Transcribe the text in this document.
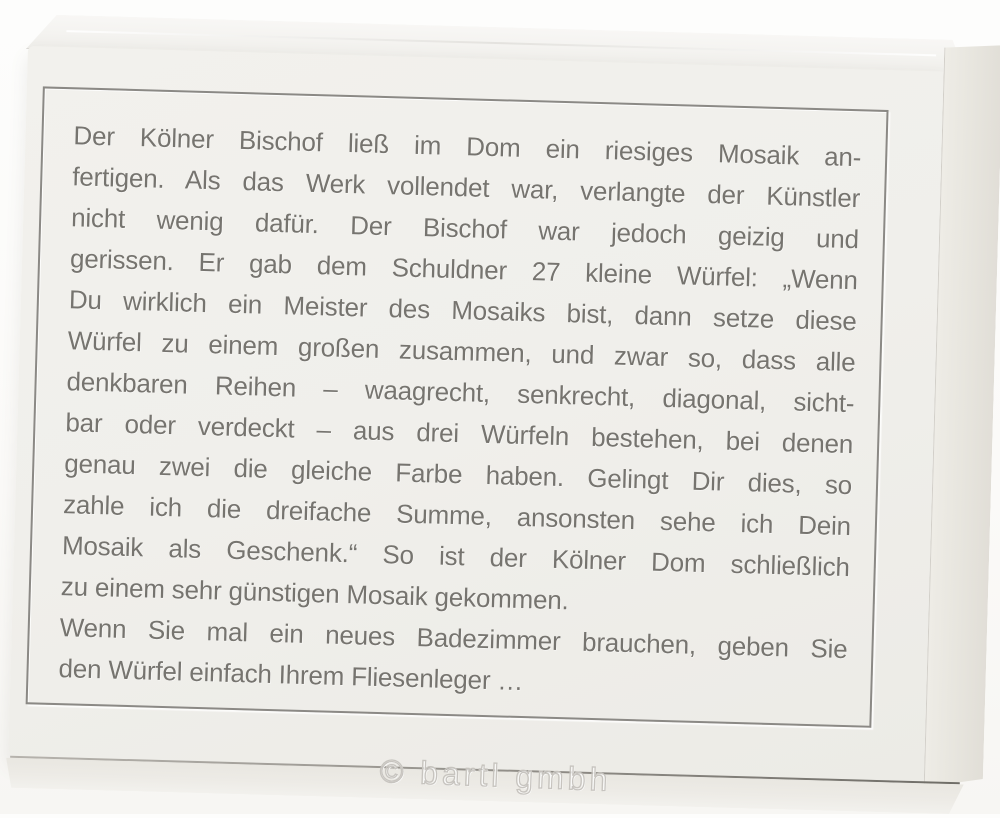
Der Kölner Bischof ließ im Dom ein riesiges Mosaik an-
fertigen. Als das Werk vollendet war, verlangte der Künstler
nicht wenig dafür. Der Bischof war jedoch geizig und
gerissen. Er gab dem Schuldner 27 kleine Würfel: „Wenn
Du wirklich ein Meister des Mosaiks bist, dann setze diese
Würfel zu einem großen zusammen, und zwar so, dass alle
denkbaren Reihen – waagrecht, senkrecht, diagonal, sicht-
bar oder verdeckt – aus drei Würfeln bestehen, bei denen
genau zwei die gleiche Farbe haben. Gelingt Dir dies, so
zahle ich die dreifache Summe, ansonsten sehe ich Dein
Mosaik als Geschenk.“ So ist der Kölner Dom schließlich
zu einem sehr günstigen Mosaik gekommen.
Wenn Sie mal ein neues Badezimmer brauchen, geben Sie
den Würfel einfach Ihrem Fliesenleger …
© bartl gmbh
